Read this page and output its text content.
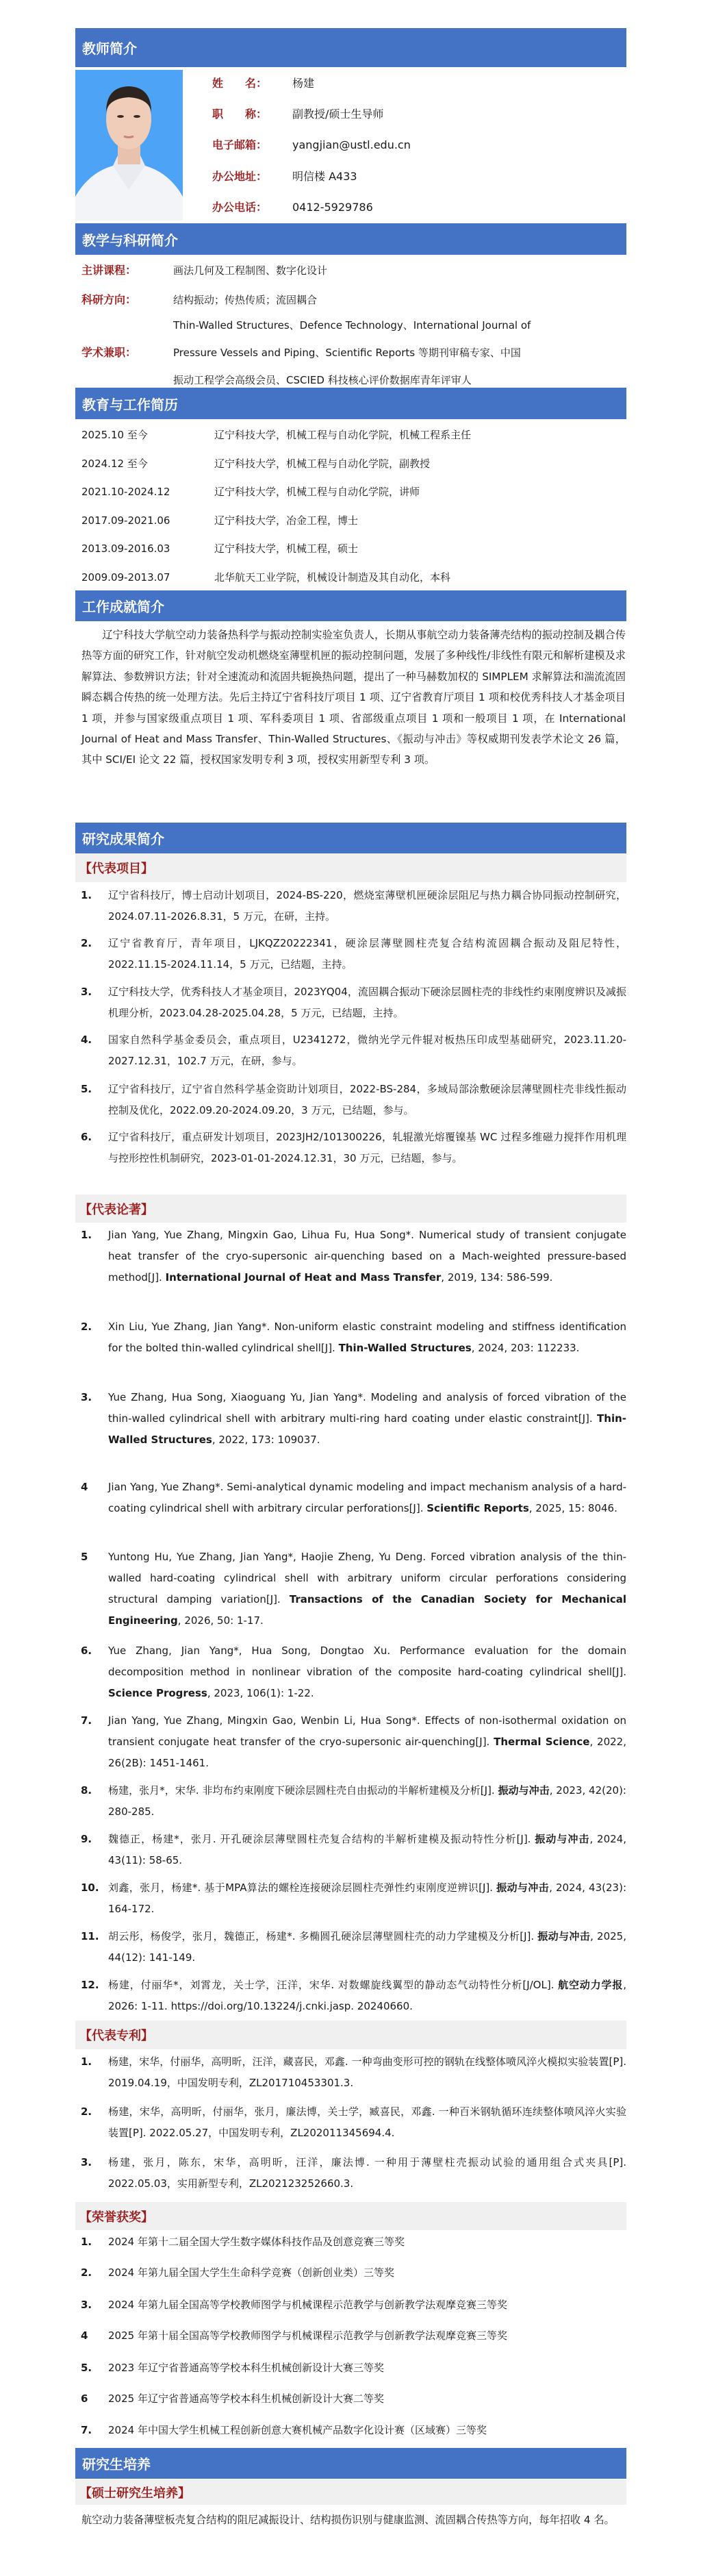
教师简介
姓　　名： 杨建
职　　称： 副教授/硕士生导师
电子邮箱： yangjian@ustl.edu.cn
办公地址： 明信楼 A433
办公电话： 0412-5929786
教学与科研简介
主讲课程：	画法几何及工程制图、数字化设计
科研方向：	结构振动；传热传质；流固耦合
学术兼职：
Thin-Walled Structures、Defence Technology、International Journal of
Pressure Vessels and Piping、Scientific Reports 等期刊审稿专家、中国
振动工程学会高级会员、CSCIED 科技核心评价数据库青年评审人
教育与工作简历
2025.10 至今	辽宁科技大学，机械工程与自动化学院，机械工程系主任
2024.12 至今	辽宁科技大学，机械工程与自动化学院，副教授
2021.10-2024.12	辽宁科技大学，机械工程与自动化学院，讲师
2017.09-2021.06	辽宁科技大学，冶金工程，博士
2013.09-2016.03	辽宁科技大学，机械工程，硕士
2009.09-2013.07	北华航天工业学院，机械设计制造及其自动化，本科
工作成就简介
辽宁科技大学航空动力装备热科学与振动控制实验室负责人，长期从事航空动力装备薄壳结构的振动控制及耦合传热等方面的研究工作，针对航空发动机燃烧室薄壁机匣的振动控制问题，发展了多种线性/非线性有限元和解析建模及求解算法、参数辨识方法；针对全速流动和流固共轭换热问题，提出了一种马赫数加权的 SIMPLEM 求解算法和湍流流固瞬态耦合传热的统一处理方法。先后主持辽宁省科技厅项目 1 项、辽宁省教育厅项目 1 项和校优秀科技人才基金项目 1 项，并参与国家级重点项目 1 项、军科委项目 1 项、省部级重点项目 1 项和一般项目 1 项，在 International Journal of Heat and Mass Transfer、Thin-Walled Structures、《振动与冲击》等权威期刊发表学术论文 26 篇，其中 SCI/EI 论文 22 篇，授权国家发明专利 3 项，授权实用新型专利 3 项。
研究成果简介
【代表项目】
1.	辽宁省科技厅，博士启动计划项目，2024-BS-220，燃烧室薄壁机匣硬涂层阻尼与热力耦合协同振动控制研究，2024.07.11-2026.8.31，5 万元，在研，主持。
2.	辽宁省教育厅，青年项目，LJKQZ20222341，硬涂层薄壁圆柱壳复合结构流固耦合振动及阻尼特性，2022.11.15-2024.11.14，5 万元，已结题，主持。
3.	辽宁科技大学，优秀科技人才基金项目，2023YQ04，流固耦合振动下硬涂层圆柱壳的非线性约束刚度辨识及减振机理分析，2023.04.28-2025.04.28，5 万元，已结题，主持。
4.	国家自然科学基金委员会，重点项目，U2341272，微纳光学元件辊对板热压印成型基础研究，2023.11.20-2027.12.31，102.7 万元，在研，参与。
5.	辽宁省科技厅，辽宁省自然科学基金资助计划项目，2022-BS-284，多域局部涂敷硬涂层薄壁圆柱壳非线性振动控制及优化，2022.09.20-2024.09.20，3 万元，已结题，参与。
6.	辽宁省科技厅，重点研发计划项目，2023JH2/101300226，轧辊激光熔覆镍基 WC 过程多维磁力搅拌作用机理与控形控性机制研究，2023-01-01-2024.12.31，30 万元，已结题，参与。
【代表论著】
1.	Jian Yang, Yue Zhang, Mingxin Gao, Lihua Fu, Hua Song*. Numerical study of transient conjugate heat transfer of the cryo-supersonic air-quenching based on a Mach-weighted pressure-based method[J]. International Journal of Heat and Mass Transfer, 2019, 134: 586-599.
2.	Xin Liu, Yue Zhang, Jian Yang*. Non-uniform elastic constraint modeling and stiffness identification for the bolted thin-walled cylindrical shell[J]. Thin-Walled Structures, 2024, 203: 112233.
3.	Yue Zhang, Hua Song, Xiaoguang Yu, Jian Yang*. Modeling and analysis of forced vibration of the thin-walled cylindrical shell with arbitrary multi-ring hard coating under elastic constraint[J]. Thin-Walled Structures, 2022, 173: 109037.
4	Jian Yang, Yue Zhang*. Semi-analytical dynamic modeling and impact mechanism analysis of a hard-coating cylindrical shell with arbitrary circular perforations[J]. Scientific Reports, 2025, 15: 8046.
5	Yuntong Hu, Yue Zhang, Jian Yang*, Haojie Zheng, Yu Deng. Forced vibration analysis of the thin-walled hard-coating cylindrical shell with arbitrary uniform circular perforations considering structural damping variation[J]. Transactions of the Canadian Society for Mechanical Engineering, 2026, 50: 1-17.
6.	Yue Zhang, Jian Yang*, Hua Song, Dongtao Xu. Performance evaluation for the domain decomposition method in nonlinear vibration of the composite hard-coating cylindrical shell[J]. Science Progress, 2023, 106(1): 1-22.
7.	Jian Yang, Yue Zhang, Mingxin Gao, Wenbin Li, Hua Song*. Effects of non-isothermal oxidation on transient conjugate heat transfer of the cryo-supersonic air-quenching[J]. Thermal Science, 2022, 26(2B): 1451-1461.
8.	杨建，张月*，宋华. 非均布约束刚度下硬涂层圆柱壳自由振动的半解析建模及分析[J]. 振动与冲击, 2023, 42(20): 280-285.
9.	魏德正，杨建*，张月. 开孔硬涂层薄壁圆柱壳复合结构的半解析建模及振动特性分析[J]. 振动与冲击, 2024, 43(11): 58-65.
10. 刘鑫，张月，杨建*. 基于MPA算法的螺栓连接硬涂层圆柱壳弹性约束刚度逆辨识[J]. 振动与冲击, 2024, 43(23): 164-172.
11. 胡云彤，杨俊学，张月，魏德正，杨建*. 多椭圆孔硬涂层薄壁圆柱壳的动力学建模及分析[J]. 振动与冲击, 2025, 44(12): 141-149.
12. 杨建，付丽华*，刘霄龙，关士学，汪洋，宋华. 对数螺旋线翼型的静动态气动特性分析[J/OL]. 航空动力学报, 2026: 1-11. https://doi.org/10.13224/j.cnki.jasp. 20240660.
【代表专利】
1.	杨建，宋华，付丽华，高明昕，汪洋，藏喜民，邓鑫. 一种弯曲变形可控的钢轨在线整体喷风淬火模拟实验装置[P]. 2019.04.19，中国发明专利，ZL201710453301.3.
2.	杨建，宋华，高明昕，付丽华，张月，廉法博，关士学，臧喜民，邓鑫. 一种百米钢轨循环连续整体喷风淬火实验装置[P]. 2022.05.27，中国发明专利，ZL202011345694.4.
3.	杨建，张月，陈东，宋华，高明昕，汪洋，廉法博. 一种用于薄壁柱壳振动试验的通用组合式夹具[P]. 2022.05.03，实用新型专利，ZL202123252660.3.
【荣誉获奖】
1.	2024 年第十二届全国大学生数字媒体科技作品及创意竞赛三等奖
2.	2024 年第九届全国大学生生命科学竞赛（创新创业类）三等奖
3.	2024 年第九届全国高等学校教师图学与机械课程示范教学与创新教学法观摩竞赛三等奖
4	2025 年第十届全国高等学校教师图学与机械课程示范教学与创新教学法观摩竞赛三等奖
5.	2023 年辽宁省普通高等学校本科生机械创新设计大赛三等奖
6	2025 年辽宁省普通高等学校本科生机械创新设计大赛二等奖
7.	2024 年中国大学生机械工程创新创意大赛机械产品数字化设计赛（区域赛）三等奖
研究生培养
【硕士研究生培养】
航空动力装备薄壁板壳复合结构的阻尼减振设计、结构损伤识别与健康监测、流固耦合传热等方向，每年招收 4 名。
